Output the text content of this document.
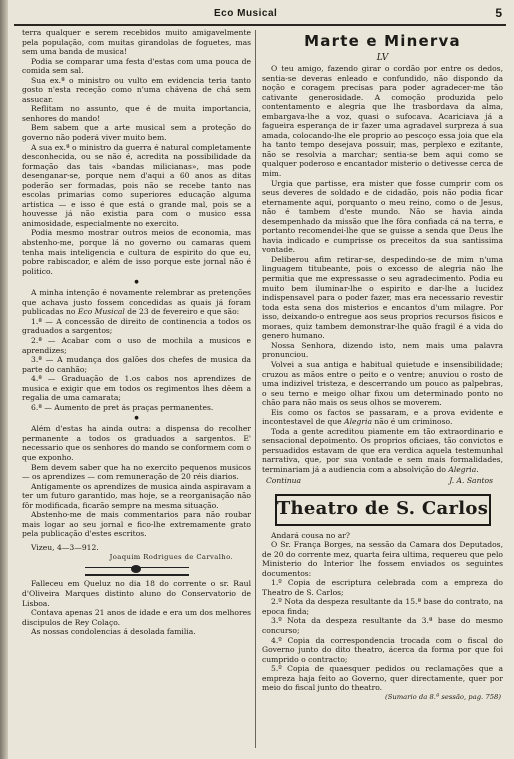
Eco Musical	5

terra qualquer e serem recebidos muito amigavelmente pela população, com muitas girandolas de foguetes, mas sem uma banda de musica!

Podia se comparar uma festa d'estas com uma pouca de comida sem sal.

Sua ex.ª o ministro ou vulto em evidencia teria tanto gosto n'esta receção como n'uma chávena de chá sem assucar.

Reflitam no assunto, que é de muita importancia, senhores do mando!

Bem sabem que a arte musical sem a proteção do governo não poderá viver muito bem.

A sua ex.ª o ministro da guerra é natural completamente desconhecida, ou se não é, acredita na possibilidade da formação das tais «bandas milicianas», mas pode desenganar-se, porque nem d'aqui a 60 anos as ditas poderão ser formadas, pois não se recebe tanto nas escolas primarias como superiores educação alguma artistica — e isso é que está o grande mal, pois se a houvesse já não existia para com o musico essa animosidade, especialmente no exercito.

Podia mesmo mostrar outros meios de economia, mas abstenho-me, porque lá no governo ou camaras quem tenha mais inteligencia e cultura de espirito do que eu, pobre rabiscador, e além de isso porque este jornal não é politico.

●

A minha intenção é novamente relembrar as pretenções que achava justo fossem concedidas as quais já foram publicadas no Eco Musical de 23 de fevereiro e que são:

1.ª — A concessão de direito de continencia a todos os graduados a sargentos;

2.ª — Acabar com o uso de mochila a musicos e aprendizes;

3.ª — A mudança dos galões dos chefes de musica da parte do canhão;

4.ª — Graduação de 1.os cabos nos aprendizes de musica e exigir que em todos os regimentos lhes dêem a regalia de uma camarata;

6.ª — Aumento de pret ás praças permanentes.

●

Além d'estas ha ainda outra: a dispensa do recolher permanente a todos os graduados a sargentos. E' necessario que os senhores do mando se conformem com o que exponho.

Bem devem saber que ha no exercito pequenos musicos — os aprendizes — com remuneração de 20 réis diarios.

Antigamente os aprendizes de musica ainda aspiravam a ter um futuro garantido, mas hoje, se a reorganisação não fôr modificada, ficarão sempre na mesma situação.

Abstenho-me de mais commentarios para não roubar mais logar ao seu jornal e fico-lhe extremamente grato pela publicação d'estes escritos.

Vizeu, 4—3—912.

Joaquim Rodrigues de Carvalho.

Falleceu em Queluz no dia 18 do corrente o sr. Raul d'Oliveira Marques distinto aluno do Conservatorio de Lisboa.

Contava apenas 21 anos de idade e era um dos melhores discipulos de Rey Colaço.

As nossas condolencias á desolada familia.

Marte e Minerva
LV

O teu amigo, fazendo girar o cordão por entre os dedos, sentia-se deveras enleado e confundido, não dispondo da noção e coragem precisas para poder agradecer-me tão cativante generosidade. A comoção produzida pelo contentamento e alegria que lhe trasbordava da alma, embargava-lhe a voz, quasi o sufocava. Acariciava já a fagueira esperança de ir fazer uma agradavel surpreza á sua amada, colocando-lhe ele proprio ao pescoço essa joia que ela ha tanto tempo desejava possuir, mas, perplexo e ezitante, não se resolvia a marchar; sentia-se bem aqui como se qualquer poderoso e encantador misterio o detivesse cerca de mim.

Urgia que partisse, era mister que fosse cumprir com os seus deveres de soldado e de cidadão, pois não podia ficar eternamente aqui, porquanto o meu reino, como o de Jesus, não é tambem d'este mundo. Não se havia ainda desempenhado da missão que lhe fôra confiada cá na terra, e portanto recomendei-lhe que se guisse a senda que Deus lhe havia indicado e cumprisse os preceitos da sua santissima vontade.

Deliberou afim retirar-se, despedindo-se de mim n'uma linguagem titubeante, pois o excesso de alegria não lhe permitia que me expressasse o seu agradecimento. Podia eu muito bem iluminar-lhe o espirito e dar-lhe a lucidez indispensavel para o poder fazer, mas era necessario revestir toda esta sena dos misterios e encantos d'um milagre. Por isso, deixando-o entregue aos seus proprios recursos fisicos e moraes, quiz tambem demonstrar-lhe quão fragil é a vida do genero humano.

Nossa Senhora, dizendo isto, nem mais uma palavra pronunciou.

Volvei a sua antiga e habitual quietude e insensibilidade; cruzou as mãos entre o peito e o ventre; anuviou o rosto de uma indizivel tristeza, e descerrando um pouco as palpebras, o seu terno e meigo olhar fixou um determinado ponto no chão para não mais os seus olhos se moverem.

Eis como os factos se passaram, e a prova evidente e incontestavel de que Alegria não é um criminoso.

Toda a gente acreditou piamente em tão extraordinario e sensacional depoimento. Os proprios oficiaes, tão convictos e persuadidos estavam de que era verdica aquela testemunhal narrativa, que, por sua vontade e sem mais formalidades, terminariam já a audiencia com a absolvição do Alegria.

Continua	J. A. Santos
Theatro de S. Carlos

Andará cousa no ar?

O Sr. França Borges, na sessão da Camara dos Deputados, de 20 do corrente mez, quarta feira ultima, requereu que pelo Ministerio do Interior lhe fossem enviados os seguintes documentos:

1.º Copia de escriptura celebrada com a empreza do Theatro de S. Carlos;

2.º Nota da despeza resultante da 15.ª base do contrato, na epoca finda;

3.º Nota da despeza resultante da 3.ª base do mesmo concurso;

4.º Copia da correspondencia trocada com o fiscal do Governo junto do dito theatro, ácerca da forma por que foi cumprido o contracto;

5.º Copia de quaesquer pedidos ou reclamações que a empreza haja feito ao Governo, quer directamente, quer por meio do fiscal junto do theatro.

(Sumario da 8.ª sessão, pag. 758)
